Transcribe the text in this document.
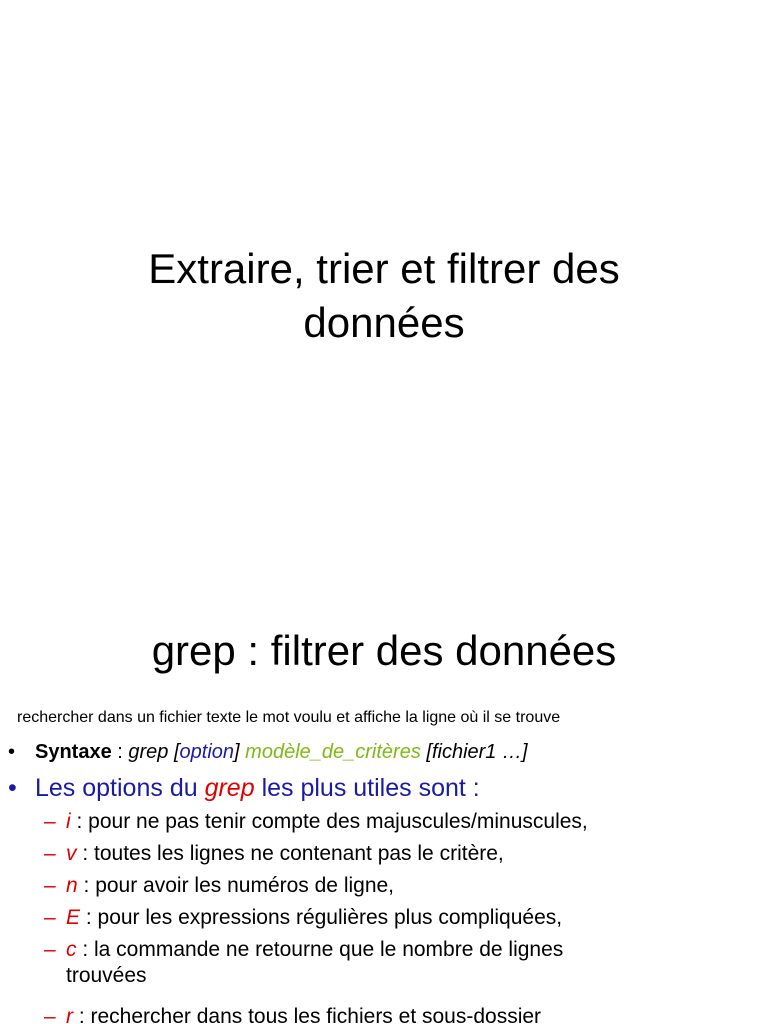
Extraire, trier et filtrer des
données
grep : filtrer des données
rechercher dans un fichier texte le mot voulu et affiche la ligne où il se trouve
• Syntaxe : grep [option] modèle_de_critères [fichier1 …]
• Les options du grep les plus utiles sont :
– i : pour ne pas tenir compte des majuscules/minuscules,
– v : toutes les lignes ne contenant pas le critère,
– n : pour avoir les numéros de ligne,
– E : pour les expressions régulières plus compliquées,
– c : la commande ne retourne que le nombre de lignes
trouvées
– r : rechercher dans tous les fichiers et sous-dossier
